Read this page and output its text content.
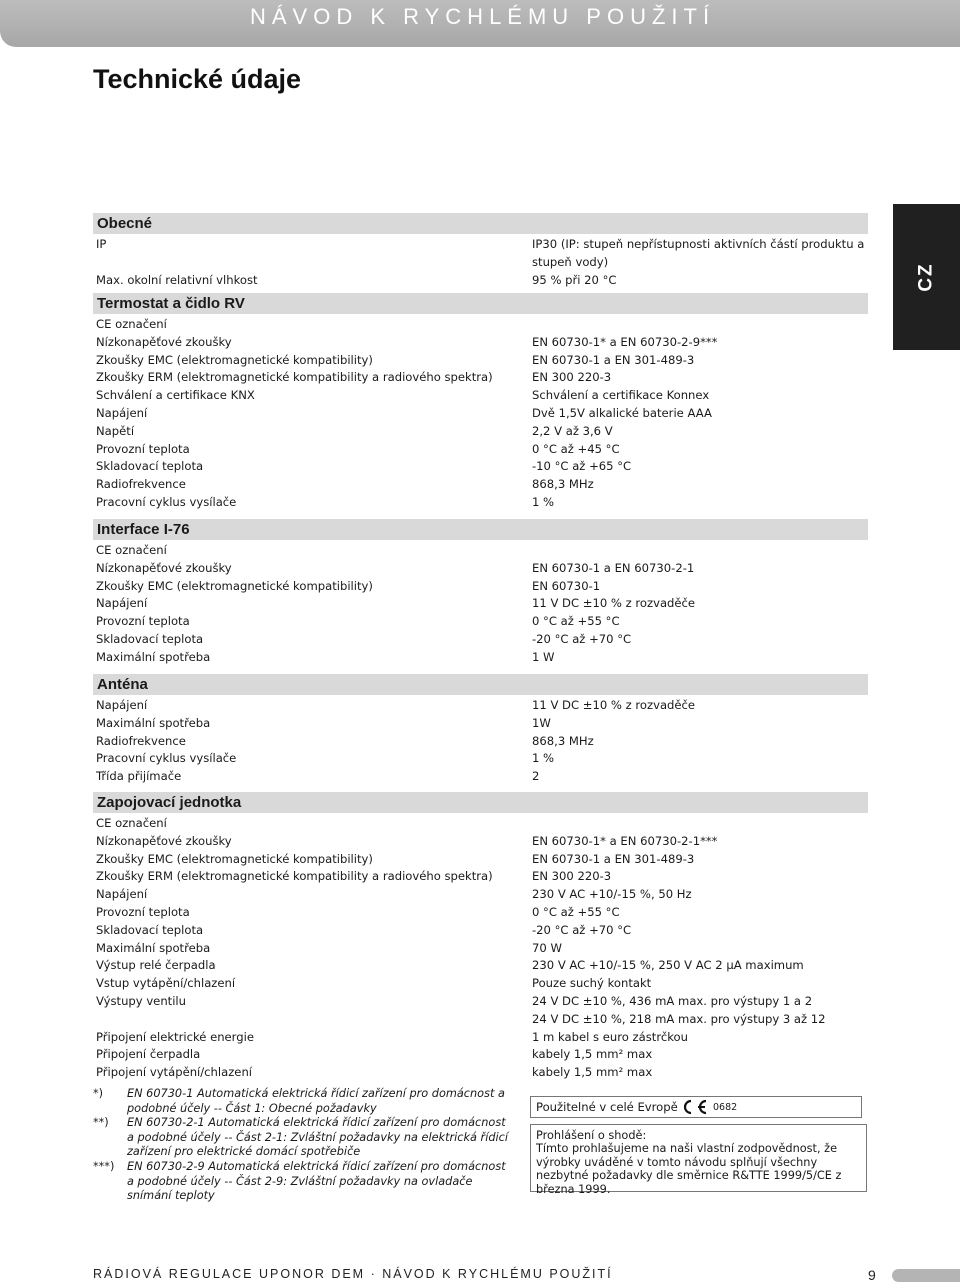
NÁVOD K RYCHLÉMU POUŽITÍ
Technické údaje
CZ
Obecné
IP	IP30 (IP: stupeň nepřístupnosti aktivních částí produktu a stupeň vody)
Max. okolní relativní vlhkost	95 % při 20 °C
Termostat a čidlo RV
CE označení
Nízkonapěťové zkoušky	EN 60730-1* a EN 60730-2-9***
Zkoušky EMC (elektromagnetické kompatibility)	EN 60730-1 a EN 301-489-3
Zkoušky ERM (elektromagnetické kompatibility a radiového spektra)	EN 300 220-3
Schválení a certifikace KNX	Schválení a certifikace Konnex
Napájení	Dvě 1,5V alkalické baterie AAA
Napětí	2,2 V až 3,6 V
Provozní teplota	0 °C až +45 °C
Skladovací teplota	-10 °C až +65 °C
Radiofrekvence	868,3 MHz
Pracovní cyklus vysílače	1 %
Interface I-76
CE označení
Nízkonapěťové zkoušky	EN 60730-1 a EN 60730-2-1
Zkoušky EMC (elektromagnetické kompatibility)	EN 60730-1
Napájení	11 V DC ±10 % z rozvaděče
Provozní teplota	0 °C až +55 °C
Skladovací teplota	-20 °C až +70 °C
Maximální spotřeba	1 W
Anténa
Napájení	11 V DC ±10 % z rozvaděče
Maximální spotřeba	1W
Radiofrekvence	868,3 MHz
Pracovní cyklus vysílače	1 %
Třída přijímače	2
Zapojovací jednotka
CE označení
Nízkonapěťové zkoušky	EN 60730-1* a EN 60730-2-1***
Zkoušky EMC (elektromagnetické kompatibility)	EN 60730-1 a EN 301-489-3
Zkoušky ERM (elektromagnetické kompatibility a radiového spektra)	EN 300 220-3
Napájení	230 V AC +10/-15 %, 50 Hz
Provozní teplota	0 °C až +55 °C
Skladovací teplota	-20 °C až +70 °C
Maximální spotřeba	70 W
Výstup relé čerpadla	230 V AC +10/-15 %, 250 V AC 2 μA maximum
Vstup vytápění/chlazení	Pouze suchý kontakt
Výstupy ventilu	24 V DC ±10 %, 436 mA max. pro výstupy 1 a 2
24 V DC ±10 %, 218 mA max. pro výstupy 3 až 12
Připojení elektrické energie	1 m kabel s euro zástrčkou
Připojení čerpadla	kabely 1,5 mm² max
Připojení vytápění/chlazení	kabely 1,5 mm² max
*)	EN 60730-1 Automatická elektrická řídicí zařízení pro domácnost a podobné účely -- Část 1: Obecné požadavky
**)	EN 60730-2-1 Automatická elektrická řídicí zařízení pro domácnost a podobné účely -- Část 2-1: Zvláštní požadavky na elektrická řídicí zařízení pro elektrické domácí spotřebiče
***)	EN 60730-2-9 Automatická elektrická řídicí zařízení pro domácnost a podobné účely -- Část 2-9: Zvláštní požadavky na ovladače snímání teploty
Použitelné v celé Evropě	0682
Prohlášení o shodě:
Tímto prohlašujeme na naši vlastní zodpovědnost, že výrobky uváděné v tomto návodu splňují všechny nezbytné požadavky dle směrnice R&TTE 1999/5/CE z března 1999.
RÁDIOVÁ REGULACE UPONOR DEM · NÁVOD K RYCHLÉMU POUŽITÍ	9
